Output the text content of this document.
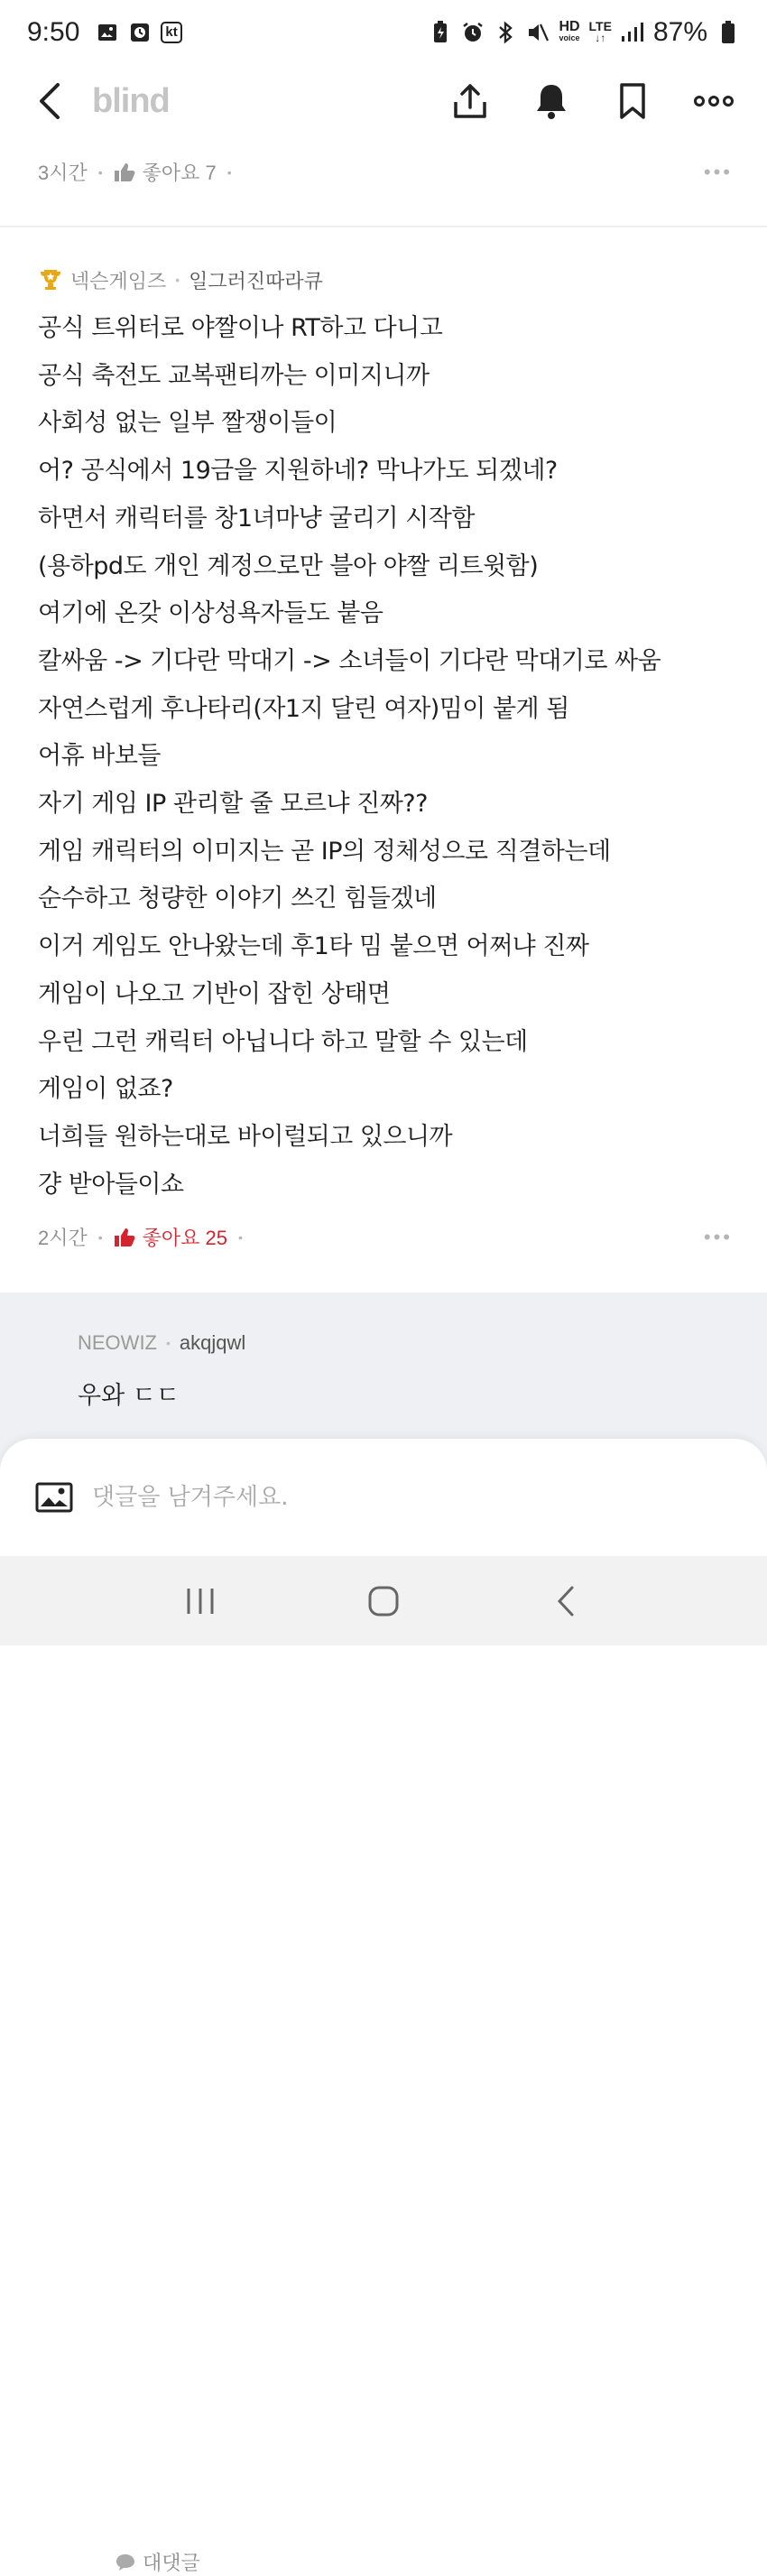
9:50	kt	HD
voice
LTE
↓↑ 87%
blind
3시간 • 좋아요 7 •	•••
넥슨게임즈 • 일그러진따라큐
공식 트위터로 야짤이나 RT하고 다니고
공식 축전도 교복팬티까는 이미지니까
사회성 없는 일부 짤쟁이들이
어? 공식에서 19금을 지원하네? 막나가도 되겠네?
하면서 캐릭터를 창1녀마냥 굴리기 시작함
(용하pd도 개인 계정으로만 블아 야짤 리트윗함)
여기에 온갖 이상성욕자들도 붙음
칼싸움 -> 기다란 막대기 -> 소녀들이 기다란 막대기로 싸움
자연스럽게 후나타리(자1지 달린 여자)밈이 붙게 됨
어휴 바보들
자기 게임 IP 관리할 줄 모르냐 진짜??
게임 캐릭터의 이미지는 곧 IP의 정체성으로 직결하는데
순수하고 청량한 이야기 쓰긴 힘들겠네
이거 게임도 안나왔는데 후1타 밈 붙으면 어쩌냐 진짜
게임이 나오고 기반이 잡힌 상태면
우린 그런 캐릭터 아닙니다 하고 말할 수 있는데
게임이 없죠?
너희들 원하는대로 바이럴되고 있으니까
걍 받아들이쇼
2시간 • 좋아요 25 •
대댓글
•••
NEOWIZ • akqjqwl
우와 ㄷㄷ
댓글을 남겨주세요.
